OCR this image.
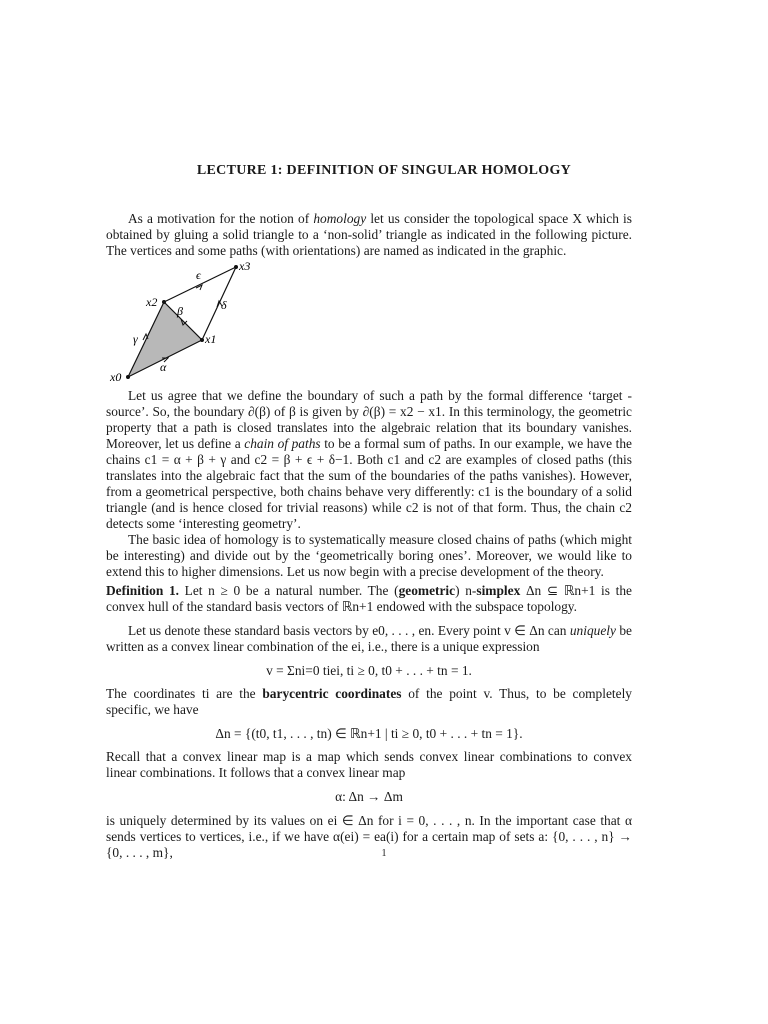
LECTURE 1: DEFINITION OF SINGULAR HOMOLOGY

As a motivation for the notion of homology let us consider the topological space X which is obtained by gluing a solid triangle to a ‘non-solid’ triangle as indicated in the following picture. The vertices and some paths (with orientations) are named as indicated in the graphic.

x0
x1
x2
x3
ϵ
δ
β
γ
α

Let us agree that we define the boundary of such a path by the formal difference ‘target - source’. So, the boundary ∂(β) of β is given by ∂(β) = x2 − x1. In this terminology, the geometric property that a path is closed translates into the algebraic relation that its boundary vanishes. Moreover, let us define a chain of paths to be a formal sum of paths. In our example, we have the chains c1 = α + β + γ and c2 = β + ϵ + δ−1. Both c1 and c2 are examples of closed paths (this translates into the algebraic fact that the sum of the boundaries of the paths vanishes). However, from a geometrical perspective, both chains behave very differently: c1 is the boundary of a solid triangle (and is hence closed for trivial reasons) while c2 is not of that form. Thus, the chain c2 detects some ‘interesting geometry’.

The basic idea of homology is to systematically measure closed chains of paths (which might be interesting) and divide out by the ‘geometrically boring ones’. Moreover, we would like to extend this to higher dimensions. Let us now begin with a precise development of the theory.

Definition 1. Let n ≥ 0 be a natural number. The (geometric) n-simplex Δn ⊆ ℝn+1 is the convex hull of the standard basis vectors of ℝn+1 endowed with the subspace topology.

Let us denote these standard basis vectors by e0, . . . , en. Every point v ∈ Δn can uniquely be written as a convex linear combination of the ei, i.e., there is a unique expression

v = Σni=0 tiei, ti ≥ 0, t0 + . . . + tn = 1.

The coordinates ti are the barycentric coordinates of the point v. Thus, to be completely specific, we have

Δn = {(t0, t1, . . . , tn) ∈ ℝn+1 | ti ≥ 0, t0 + . . . + tn = 1}.

Recall that a convex linear map is a map which sends convex linear combinations to convex linear combinations. It follows that a convex linear map

α: Δn → Δm

is uniquely determined by its values on ei ∈ Δn for i = 0, . . . , n. In the important case that α sends vertices to vertices, i.e., if we have α(ei) = ea(i) for a certain map of sets a: {0, . . . , n} → {0, . . . , m},	1
